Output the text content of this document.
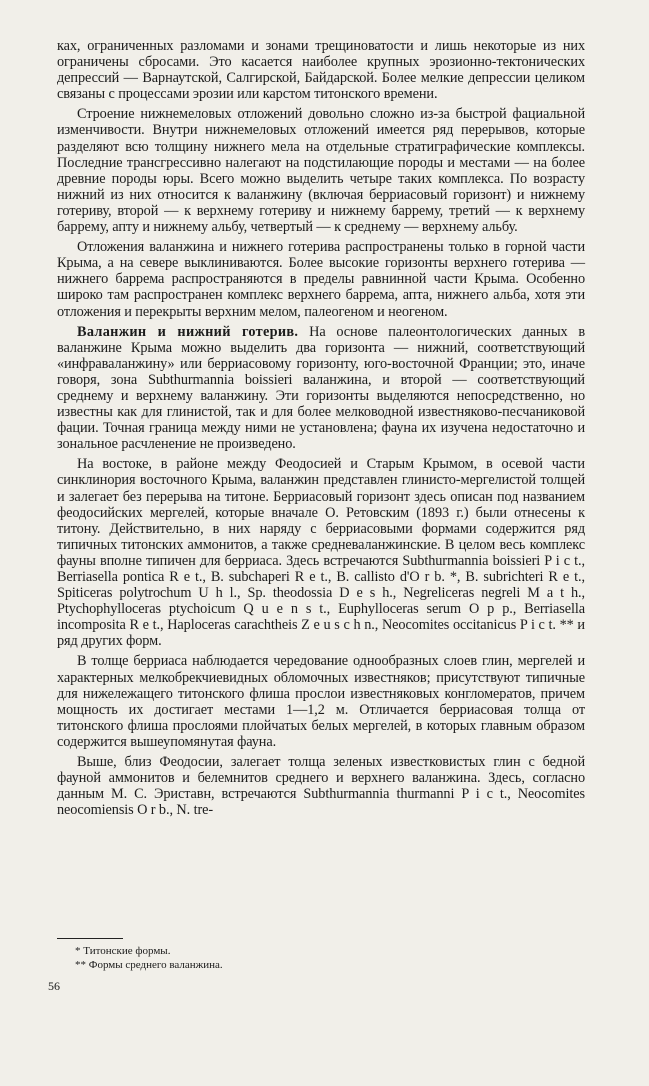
ках, ограниченных разломами и зонами трещиноватости и лишь некоторые из них ограничены сбросами. Это касается наиболее крупных эрозионно-тектонических депрессий — Варнаутской, Салгирской, Байдарской. Более мелкие депрессии целиком связаны с процессами эрозии или карстом титонского времени.

Строение нижнемеловых отложений довольно сложно из-за быстрой фациальной изменчивости. Внутри нижнемеловых отложений имеется ряд перерывов, которые разделяют всю толщину нижнего мела на отдельные стратиграфические комплексы. Последние трансгрессивно налегают на подстилающие породы и местами — на более древние породы юры. Всего можно выделить четыре таких комплекса. По возрасту нижний из них относится к валанжину (включая берриасовый горизонт) и нижнему готериву, второй — к верхнему готериву и нижнему баррему, третий — к верхнему баррему, апту и нижнему альбу, четвертый — к среднему — верхнему альбу.

Отложения валанжина и нижнего готерива распространены только в горной части Крыма, а на севере выклиниваются. Более высокие горизонты верхнего готерива — нижнего баррема распространяются в пределы равнинной части Крыма. Особенно широко там распространен комплекс верхнего баррема, апта, нижнего альба, хотя эти отложения и перекрыты верхним мелом, палеогеном и неогеном.

Валанжин и нижний готерив. На основе палеонтологических данных в валанжине Крыма можно выделить два горизонта — нижний, соответствующий «инфравалaнжину» или берриасовому горизонту, юго-восточной Франции; это, иначе говоря, зона Subthurmannia boissieri валанжина, и второй — соответствующий среднему и верхнему валанжину. Эти горизонты выделяются непосредственно, но известны как для глинистой, так и для более мелководной известняково-песчаниковой фации. Точная граница между ними не установлена; фауна их изучена недостаточно и зональное расчленение не произведено.

На востоке, в районе между Феодосией и Старым Крымом, в осевой части синклинория восточного Крыма, валанжин представлен глинисто-мергелистой толщей и залегает без перерыва на титоне. Берриасовый горизонт здесь описан под названием феодосийских мергелей, которые вначале О. Ретовским (1893 г.) были отнесены к титону. Действительно, в них наряду с берриасовыми формами содержится ряд типичных титонских аммонитов, а также средневаланжинские. В целом весь комплекс фауны вполне типичен для берриаса. Здесь встречаются Subthurmannia boissieri P i c t., Berriasella pontica R e t., B. subchaperi R e t., B. callisto d'O r b. *, B. subrichteri R e t., Spiticeras polytrochum U h l., Sp. theodossia D e s h., Negreliceras negreli M a t h., Ptychophylloceras ptychoicum Q u e n s t., Euphylloceras serum O p p., Berriasella incomposita R e t., Haploceras carachtheis Z e u s c h n., Neocomites occitanicus P i c t. ** и ряд других форм.

В толще берриаса наблюдается чередование однообразных слоев глин, мергелей и характерных мелкобрекчиевидных обломочных известняков; присутствуют типичные для нижележащего титонского флиша прослои известняковых конгломератов, причем мощность их достигает местами 1—1,2 м. Отличается берриасовая толща от титонского флиша прослоями плойчатых белых мергелей, в которых главным образом содержится вышеупомянутая фауна.

Выше, близ Феодосии, залегает толща зеленых известковистых глин с бедной фауной аммонитов и белемнитов среднего и верхнего валанжина. Здесь, согласно данным М. С. Эриставн, встречаются Subthurmannia thurmanni P i c t., Neocomites neocomiensis O r b., N. tre-

* Титонские формы.
** Формы среднего валанжина.
56
